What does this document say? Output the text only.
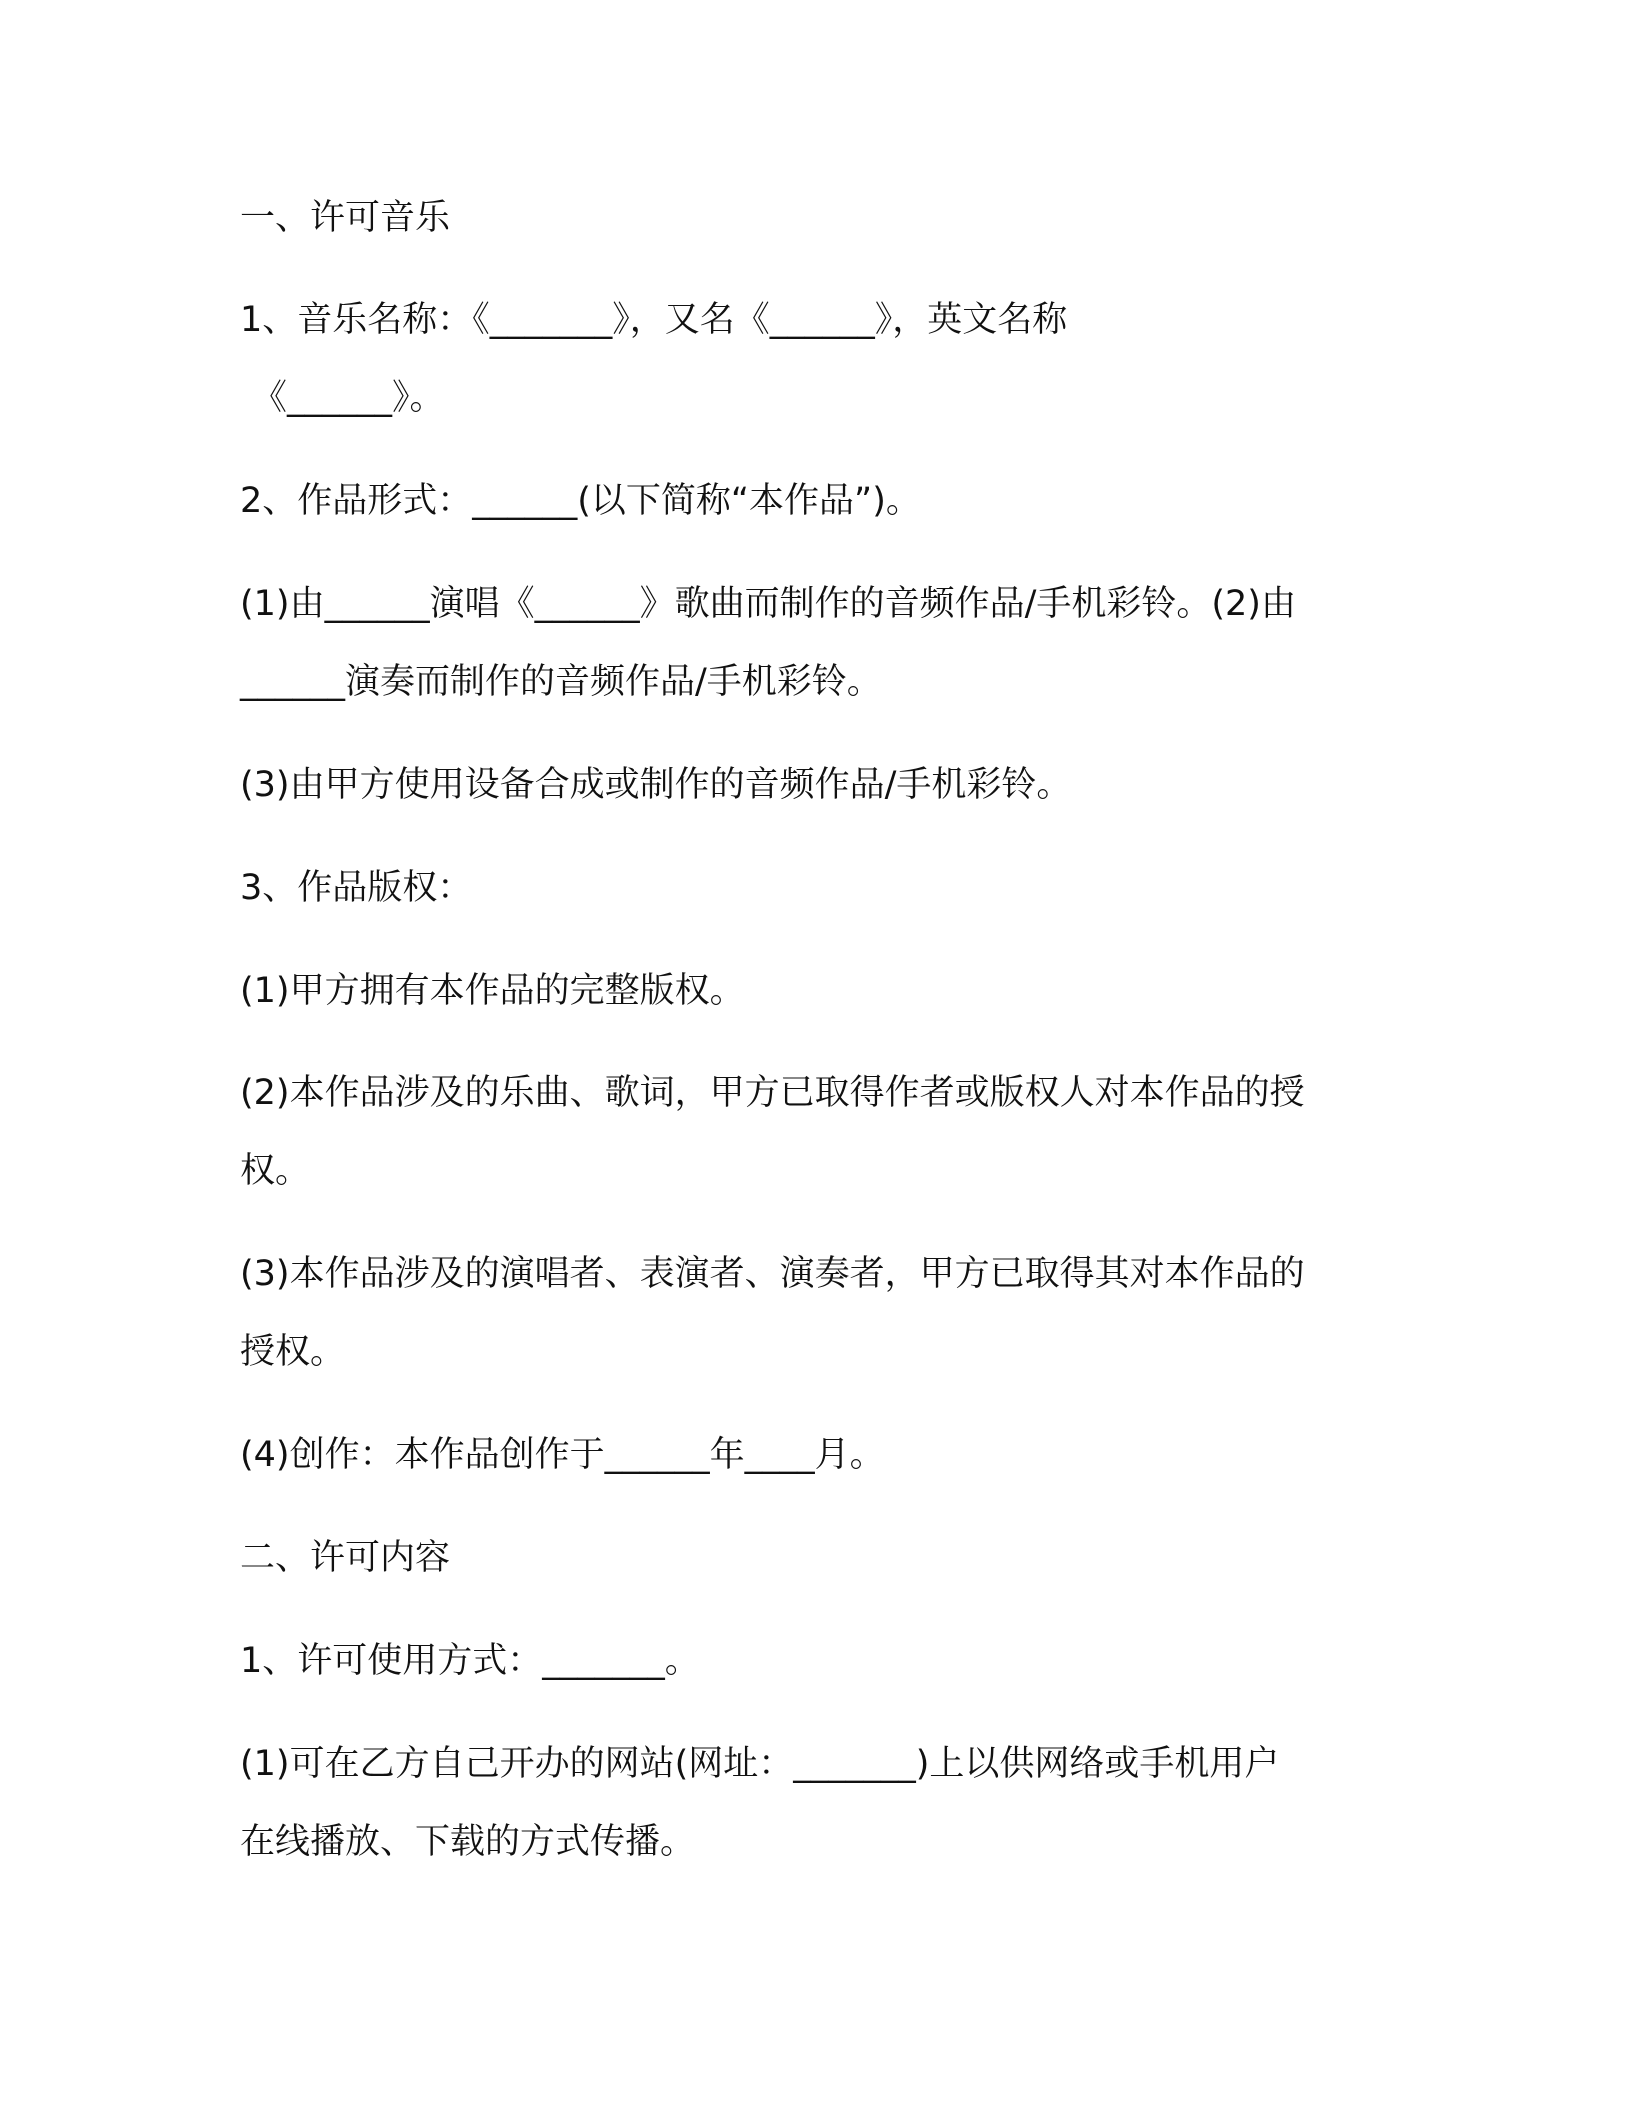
一、许可音乐
1、音乐名称：《_______》，又名《______》，英文名称
《______》。
2、作品形式：______(以下简称“本作品”)。
(1)由______演唱《______》歌曲而制作的音频作品/手机彩铃。(2)由
______演奏而制作的音频作品/手机彩铃。
(3)由甲方使用设备合成或制作的音频作品/手机彩铃。
3、作品版权：
(1)甲方拥有本作品的完整版权。
(2)本作品涉及的乐曲、歌词，甲方已取得作者或版权人对本作品的授
权。
(3)本作品涉及的演唱者、表演者、演奏者，甲方已取得其对本作品的
授权。
(4)创作：本作品创作于______年____月。
二、许可内容
1、许可使用方式：_______。
(1)可在乙方自己开办的网站(网址：_______)上以供网络或手机用户
在线播放、下载的方式传播。
